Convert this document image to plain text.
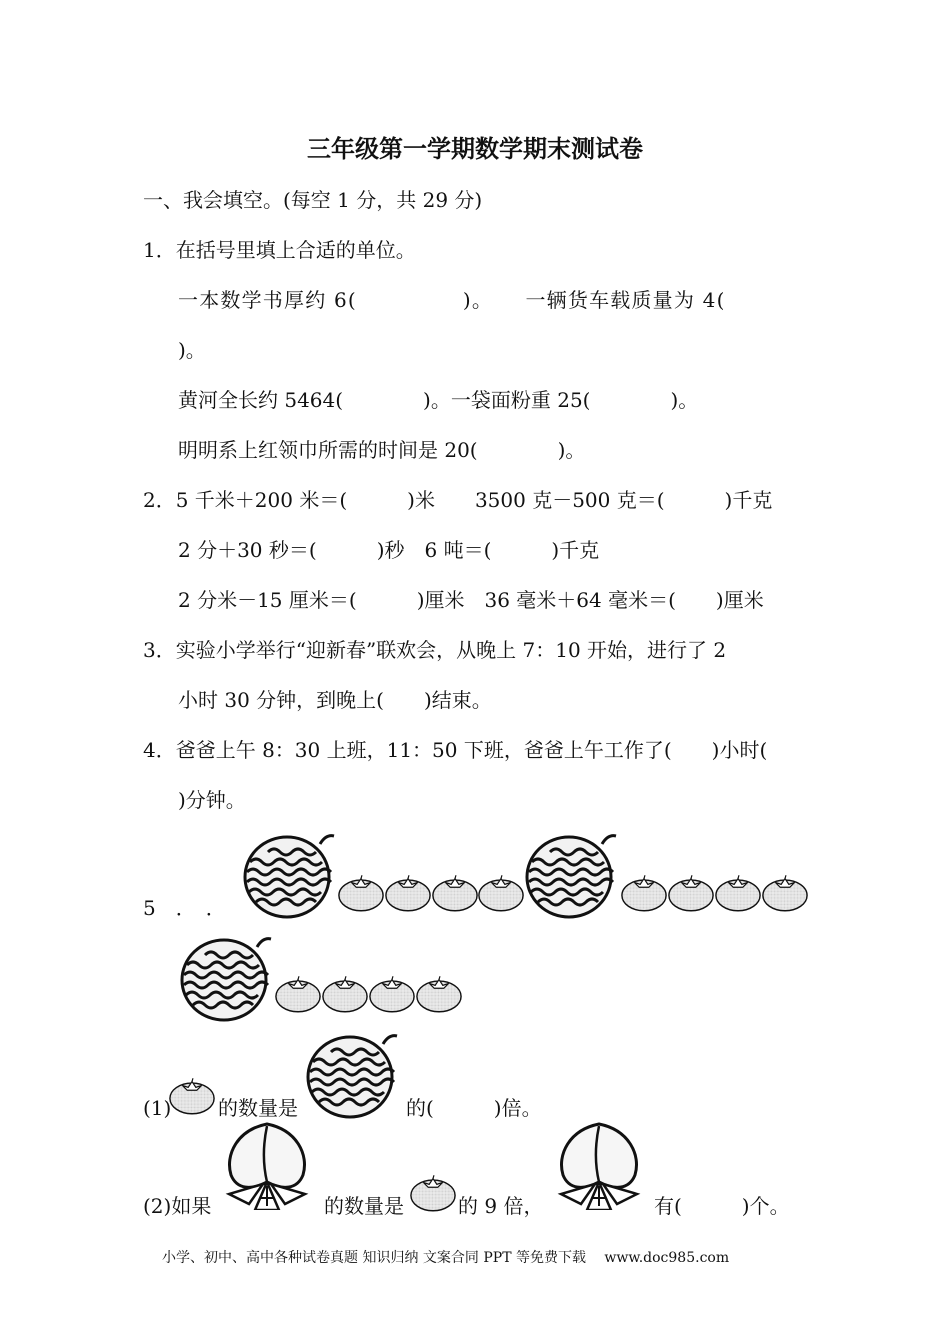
三年级第一学期数学期末测试卷
一、我会填空。(每空 1 分，共 29 分)
1．在括号里填上合适的单位。
一本数学书厚约 6(　　　　　)。　　一辆货车载质量为 4(
)。
黄河全长约 5464(　　　　)。一袋面粉重 25(　　　　)。
明明系上红领巾所需的时间是 20(　　　　)。
2．5 千米＋200 米＝(　　　)米　　3500 克－500 克＝(　　　)千克
2 分＋30 秒＝(　　　)秒　6 吨＝(　　　)千克
2 分米－15 厘米＝(　　　)厘米　36 毫米＋64 毫米＝(　　)厘米
3．实验小学举行“迎新春”联欢会，从晚上 7：10 开始，进行了 2
小时 30 分钟，到晚上(　　)结束。
4．爸爸上午 8：30 上班，11：50 下班，爸爸上午工作了(　　)小时(
)分钟。
5　．　．
(1) 的数量是	的(　　　)倍。
(2)如果	的数量是	的 9 倍，	有(　　　)个。
小学、初中、高中各种试卷真题 知识归纳 文案合同 PPT 等免费下载　 www.doc985.com
